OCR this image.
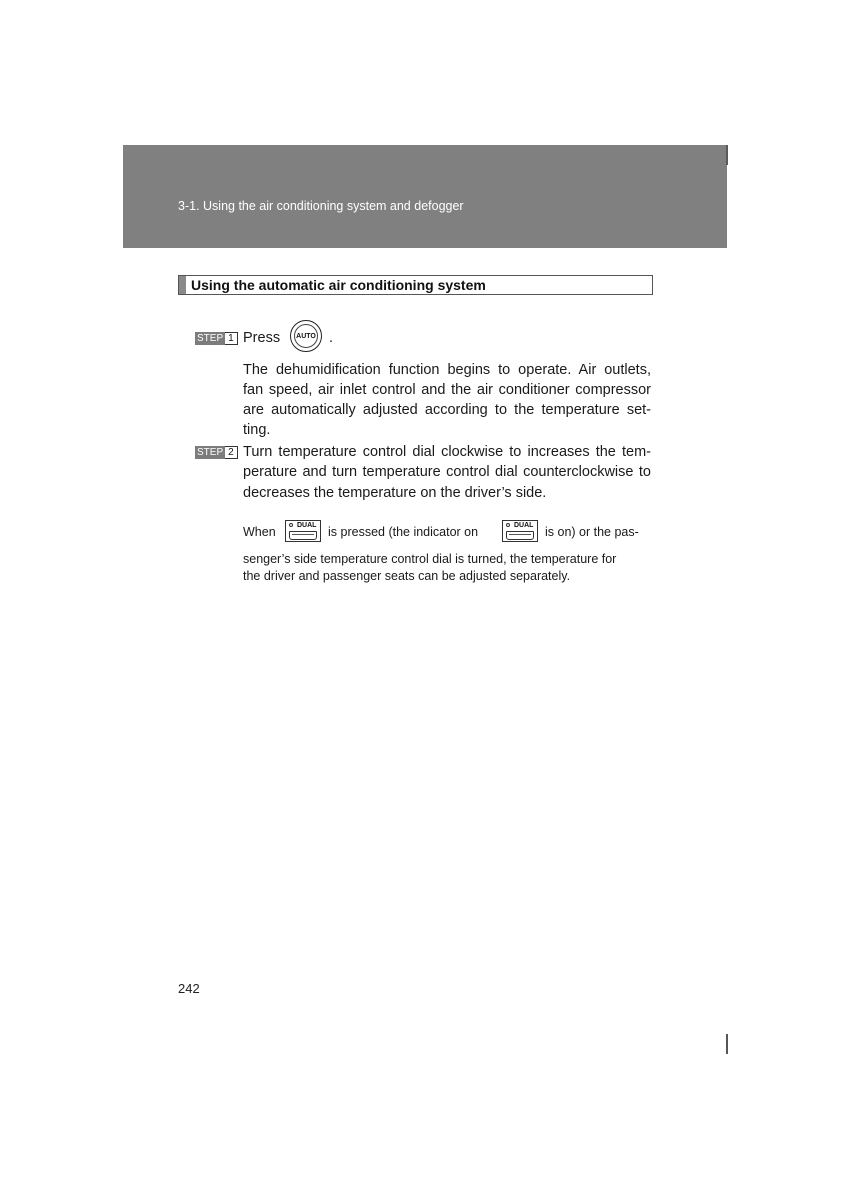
3-1. Using the air conditioning system and defogger
Using the automatic air conditioning system
STEP 1 Press AUTO .
The dehumidification function begins to operate. Air outlets,
fan speed, air inlet control and the air conditioner compressor
are automatically adjusted according to the temperature set-
ting.
STEP 2 Turn temperature control dial clockwise to increases the tem-
perature and turn temperature control dial counterclockwise to
decreases the temperature on the driver’s side.
When	DUAL is pressed (the indicator on	DUAL is on) or the pas-
senger’s side temperature control dial is turned, the temperature for
the driver and passenger seats can be adjusted separately.
242
